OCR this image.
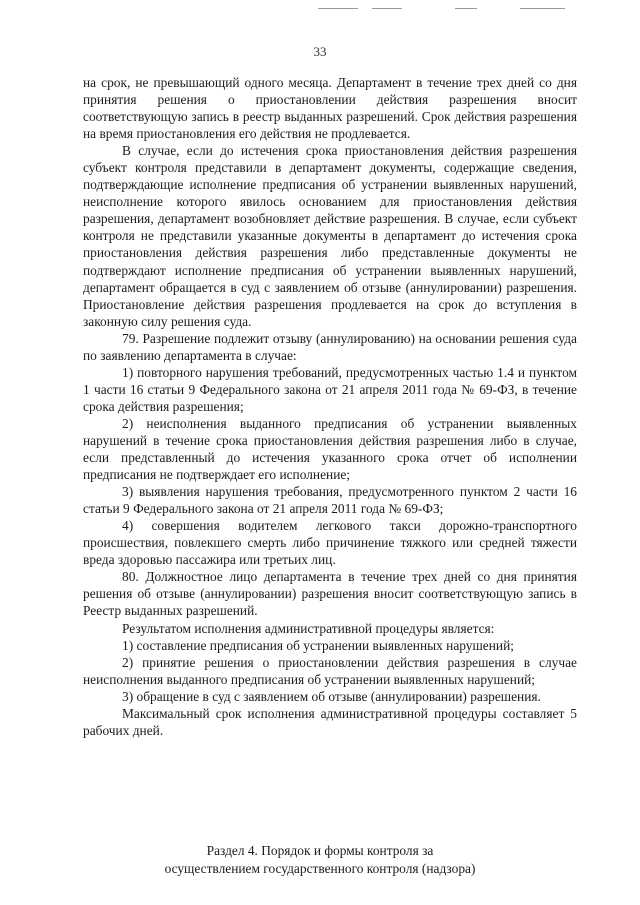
33

на срок, не превышающий одного месяца. Департамент в течение трех дней со дня принятия решения о приостановлении действия разрешения вносит соответствующую запись в реестр выданных разрешений. Срок действия разрешения на время приостановления его действия не продлевается.

В случае, если до истечения срока приостановления действия разрешения субъект контроля представили в департамент документы, содержащие сведения, подтверждающие исполнение предписания об устранении выявленных нарушений, неисполнение которого явилось основанием для приостановления действия разрешения, департамент возобновляет действие разрешения. В случае, если субъект контроля не представили указанные документы в департамент до истечения срока приостановления действия разрешения либо представленные документы не подтверждают исполнение предписания об устранении выявленных нарушений, департамент обращается в суд с заявлением об отзыве (аннулировании) разрешения. Приостановление действия разрешения продлевается на срок до вступления в законную силу решения суда.

79. Разрешение подлежит отзыву (аннулированию) на основании решения суда по заявлению департамента в случае:

1) повторного нарушения требований, предусмотренных частью 1.4 и пунктом 1 части 16 статьи 9 Федерального закона от 21 апреля 2011 года № 69-ФЗ, в течение срока действия разрешения;

2) неисполнения выданного предписания об устранении выявленных нарушений в течение срока приостановления действия разрешения либо в случае, если представленный до истечения указанного срока отчет об исполнении предписания не подтверждает его исполнение;

3) выявления нарушения требования, предусмотренного пунктом 2 части 16 статьи 9 Федерального закона от 21 апреля 2011 года № 69-ФЗ;

4) совершения водителем легкового такси дорожно-транспортного происшествия, повлекшего смерть либо причинение тяжкого или средней тяжести вреда здоровью пассажира или третьих лиц.

80. Должностное лицо департамента в течение трех дней со дня принятия решения об отзыве (аннулировании) разрешения вносит соответствующую запись в Реестр выданных разрешений.

Результатом исполнения административной процедуры является:

1) составление предписания об устранении выявленных нарушений;

2) принятие решения о приостановлении действия разрешения в случае неисполнения выданного предписания об устранении выявленных нарушений;

3) обращение в суд с заявлением об отзыве (аннулировании) разрешения.

Максимальный срок исполнения административной процедуры составляет 5 рабочих дней.

Раздел 4. Порядок и формы контроля за
осуществлением государственного контроля (надзора)
